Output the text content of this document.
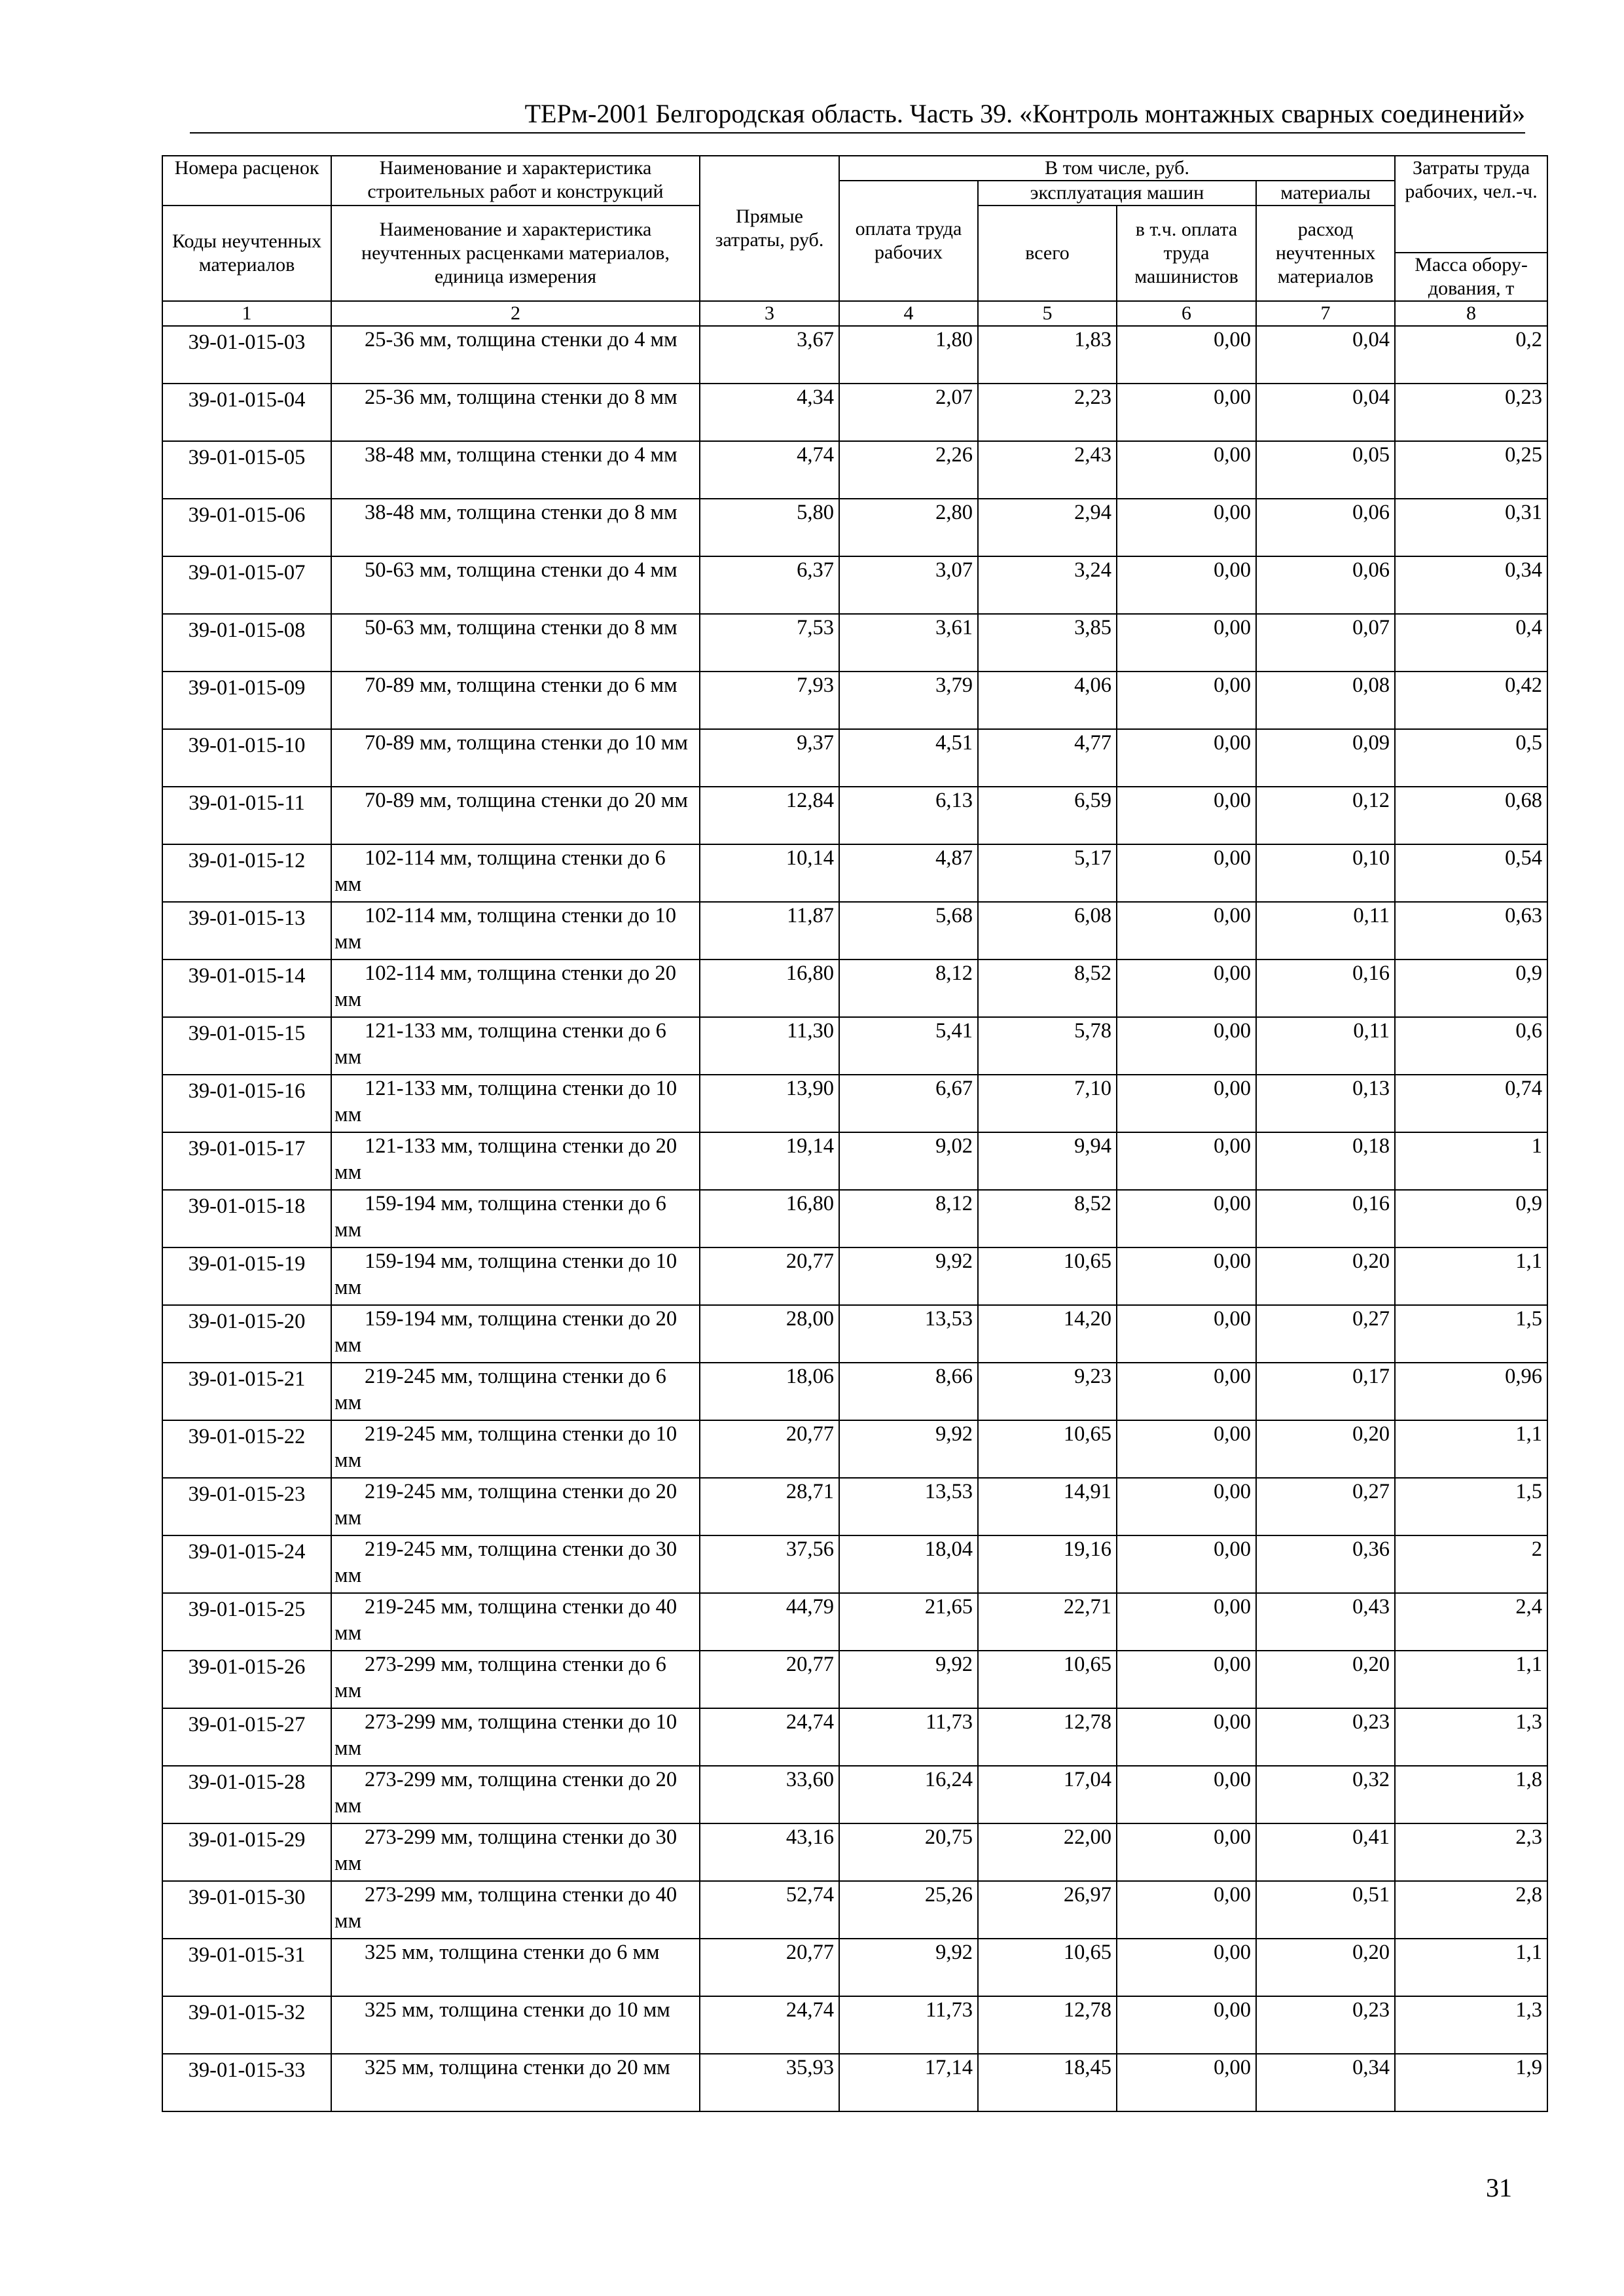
ТЕРм-2001 Белгородская область. Часть 39. «Контроль монтажных сварных соединений»
Номера расценок	Наименование и характеристика строительных работ и конструкций	Прямые затраты, руб.	В том числе, руб.				Затраты труда рабочих, чел.-ч.
			оплата труда рабочих	эксплуатация машин		материалы	
Коды неучтенных материалов	Наименование и характеристика неучтенных расценками материалов, единица измерения			всего	в т.ч. оплата труда машинистов	расход неучтенных материалов	
							Масса обору-дования, т
1	2	3	4	5	6	7	8
39-01-015-03	25-36 мм, толщина стенки до 4 мм	3,67	1,80	1,83	0,00	0,04	0,2
39-01-015-04	25-36 мм, толщина стенки до 8 мм	4,34	2,07	2,23	0,00	0,04	0,23
39-01-015-05	38-48 мм, толщина стенки до 4 мм	4,74	2,26	2,43	0,00	0,05	0,25
39-01-015-06	38-48 мм, толщина стенки до 8 мм	5,80	2,80	2,94	0,00	0,06	0,31
39-01-015-07	50-63 мм, толщина стенки до 4 мм	6,37	3,07	3,24	0,00	0,06	0,34
39-01-015-08	50-63 мм, толщина стенки до 8 мм	7,53	3,61	3,85	0,00	0,07	0,4
39-01-015-09	70-89 мм, толщина стенки до 6 мм	7,93	3,79	4,06	0,00	0,08	0,42
39-01-015-10	70-89 мм, толщина стенки до 10 мм	9,37	4,51	4,77	0,00	0,09	0,5
39-01-015-11	70-89 мм, толщина стенки до 20 мм	12,84	6,13	6,59	0,00	0,12	0,68
39-01-015-12	102-114 мм, толщина стенки до 6 мм	10,14	4,87	5,17	0,00	0,10	0,54
39-01-015-13	102-114 мм, толщина стенки до 10 мм	11,87	5,68	6,08	0,00	0,11	0,63
39-01-015-14	102-114 мм, толщина стенки до 20 мм	16,80	8,12	8,52	0,00	0,16	0,9
39-01-015-15	121-133 мм, толщина стенки до 6 мм	11,30	5,41	5,78	0,00	0,11	0,6
39-01-015-16	121-133 мм, толщина стенки до 10 мм	13,90	6,67	7,10	0,00	0,13	0,74
39-01-015-17	121-133 мм, толщина стенки до 20 мм	19,14	9,02	9,94	0,00	0,18	1
39-01-015-18	159-194 мм, толщина стенки до 6 мм	16,80	8,12	8,52	0,00	0,16	0,9
39-01-015-19	159-194 мм, толщина стенки до 10 мм	20,77	9,92	10,65	0,00	0,20	1,1
39-01-015-20	159-194 мм, толщина стенки до 20 мм	28,00	13,53	14,20	0,00	0,27	1,5
39-01-015-21	219-245 мм, толщина стенки до 6 мм	18,06	8,66	9,23	0,00	0,17	0,96
39-01-015-22	219-245 мм, толщина стенки до 10 мм	20,77	9,92	10,65	0,00	0,20	1,1
39-01-015-23	219-245 мм, толщина стенки до 20 мм	28,71	13,53	14,91	0,00	0,27	1,5
39-01-015-24	219-245 мм, толщина стенки до 30 мм	37,56	18,04	19,16	0,00	0,36	2
39-01-015-25	219-245 мм, толщина стенки до 40 мм	44,79	21,65	22,71	0,00	0,43	2,4
39-01-015-26	273-299 мм, толщина стенки до 6 мм	20,77	9,92	10,65	0,00	0,20	1,1
39-01-015-27	273-299 мм, толщина стенки до 10 мм	24,74	11,73	12,78	0,00	0,23	1,3
39-01-015-28	273-299 мм, толщина стенки до 20 мм	33,60	16,24	17,04	0,00	0,32	1,8
39-01-015-29	273-299 мм, толщина стенки до 30 мм	43,16	20,75	22,00	0,00	0,41	2,3
39-01-015-30	273-299 мм, толщина стенки до 40 мм	52,74	25,26	26,97	0,00	0,51	2,8
39-01-015-31	325 мм, толщина стенки до 6 мм	20,77	9,92	10,65	0,00	0,20	1,1
39-01-015-32	325 мм, толщина стенки до 10 мм	24,74	11,73	12,78	0,00	0,23	1,3
39-01-015-33	325 мм, толщина стенки до 20 мм	35,93	17,14	18,45	0,00	0,34	1,9
31
